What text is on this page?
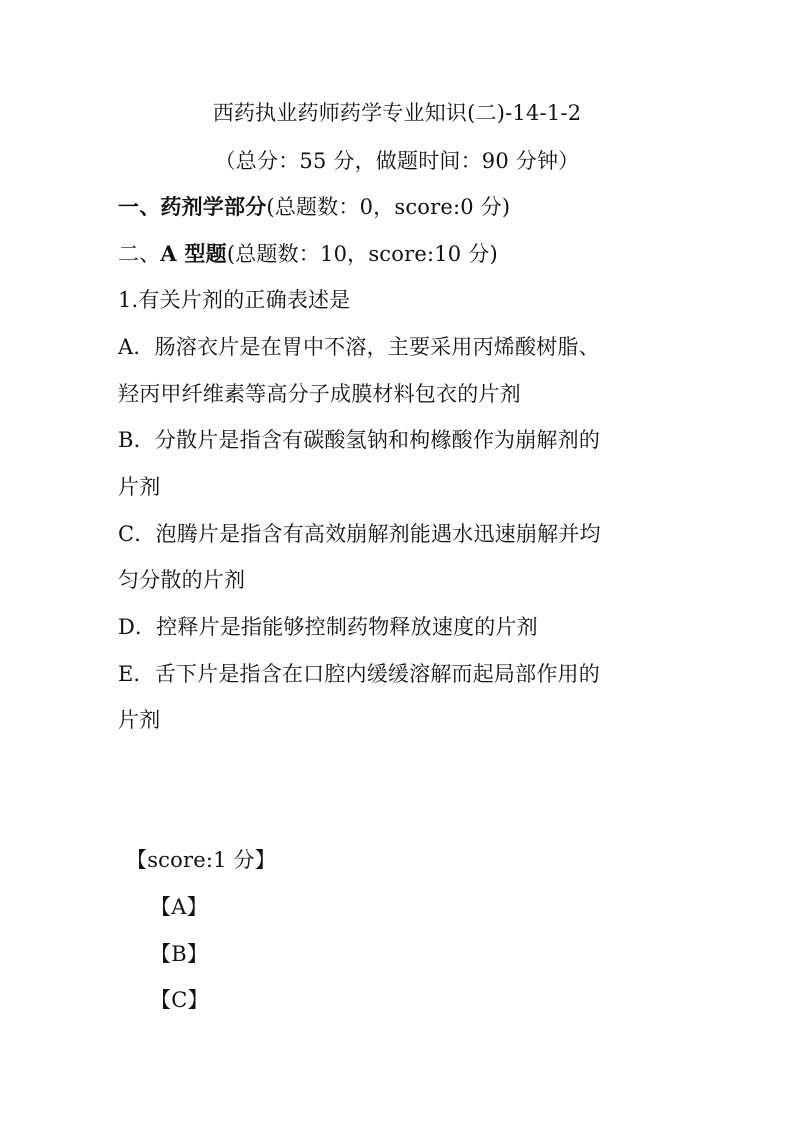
西药执业药师药学专业知识(二)-14-1-2
（总分：55 分，做题时间：90 分钟）
一、药剂学部分(总题数：0，score:0 分)
二、A 型题(总题数：10，score:10 分)
1.有关片剂的正确表述是
A．肠溶衣片是在胃中不溶，主要采用丙烯酸树脂、
羟丙甲纤维素等高分子成膜材料包衣的片剂
B．分散片是指含有碳酸氢钠和枸橼酸作为崩解剂的
片剂
C．泡腾片是指含有高效崩解剂能遇水迅速崩解并均
匀分散的片剂
D．控释片是指能够控制药物释放速度的片剂
E．舌下片是指含在口腔内缓缓溶解而起局部作用的
片剂
【score:1 分】
【A】
【B】
【C】
